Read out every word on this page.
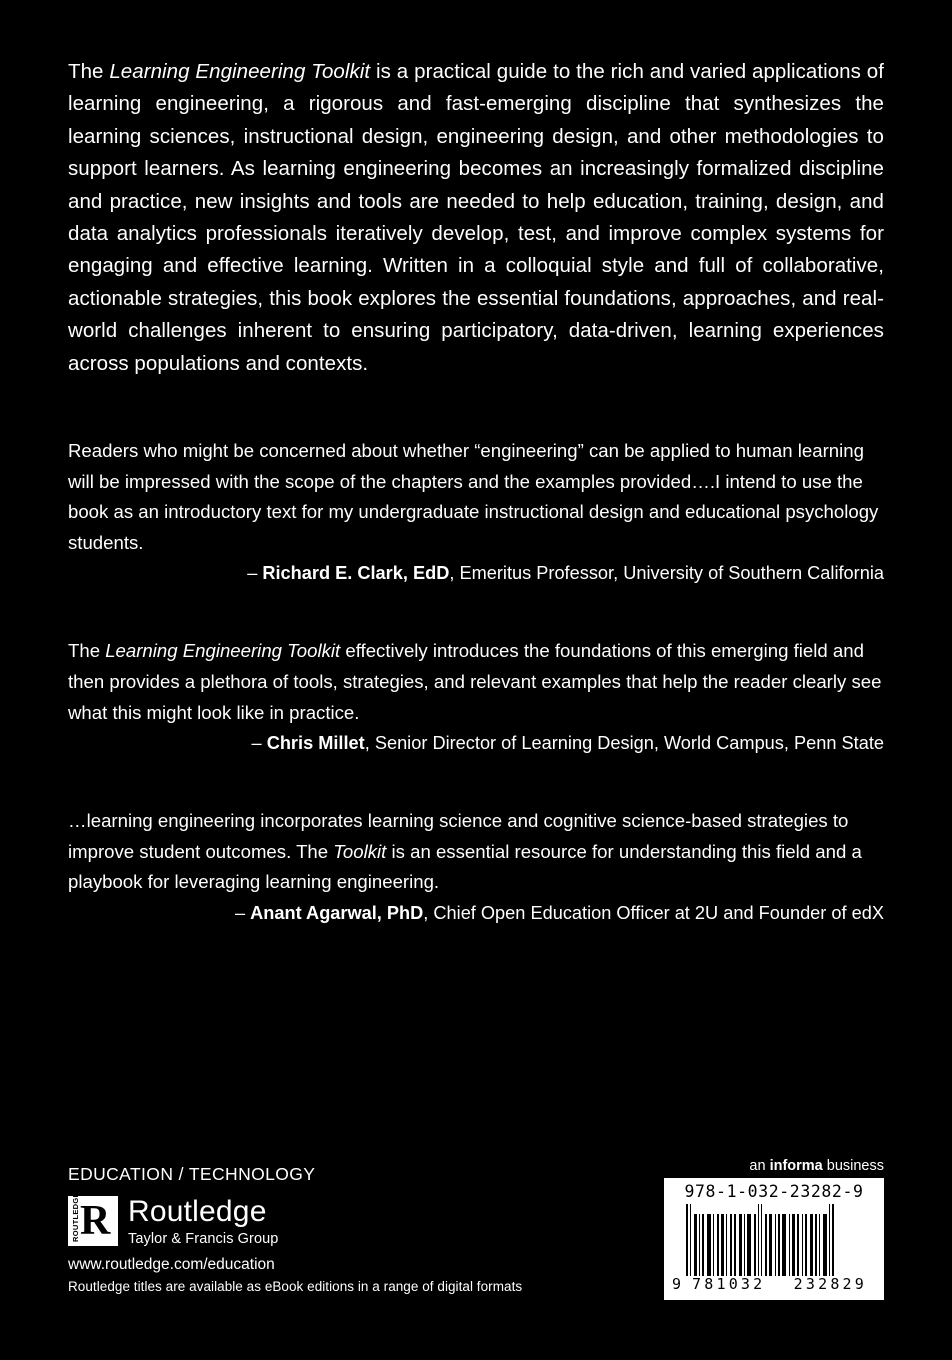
The Learning Engineering Toolkit is a practical guide to the rich and varied applications of learning engineering, a rigorous and fast-emerging discipline that synthesizes the learning sciences, instructional design, engineering design, and other methodologies to support learners. As learning engineering becomes an increasingly formalized discipline and practice, new insights and tools are needed to help education, training, design, and data analytics professionals iteratively develop, test, and improve complex systems for engaging and effective learning. Written in a colloquial style and full of collaborative, actionable strategies, this book explores the essential foundations, approaches, and real-world challenges inherent to ensuring participatory, data-driven, learning experiences across populations and contexts.

Readers who might be concerned about whether “engineering” can be applied to human learning will be impressed with the scope of the chapters and the examples provided….I intend to use the book as an introductory text for my undergraduate instructional design and educational psychology students.

– Richard E. Clark, EdD, Emeritus Professor, University of Southern California

The Learning Engineering Toolkit effectively introduces the foundations of this emerging field and then provides a plethora of tools, strategies, and relevant examples that help the reader clearly see what this might look like in practice.

– Chris Millet, Senior Director of Learning Design, World Campus, Penn State

…learning engineering incorporates learning science and cognitive science-based strategies to improve student outcomes. The Toolkit is an essential resource for understanding this field and a playbook for leveraging learning engineering.

– Anant Agarwal, PhD, Chief Open Education Officer at 2U and Founder of edX

EDUCATION / TECHNOLOGY
ROUTLEDGE R Routledge
Taylor & Francis Group
www.routledge.com/education
Routledge titles are available as eBook editions in a range of digital formats
an informa business
978-1-032-23282-9
9 781032 232829
